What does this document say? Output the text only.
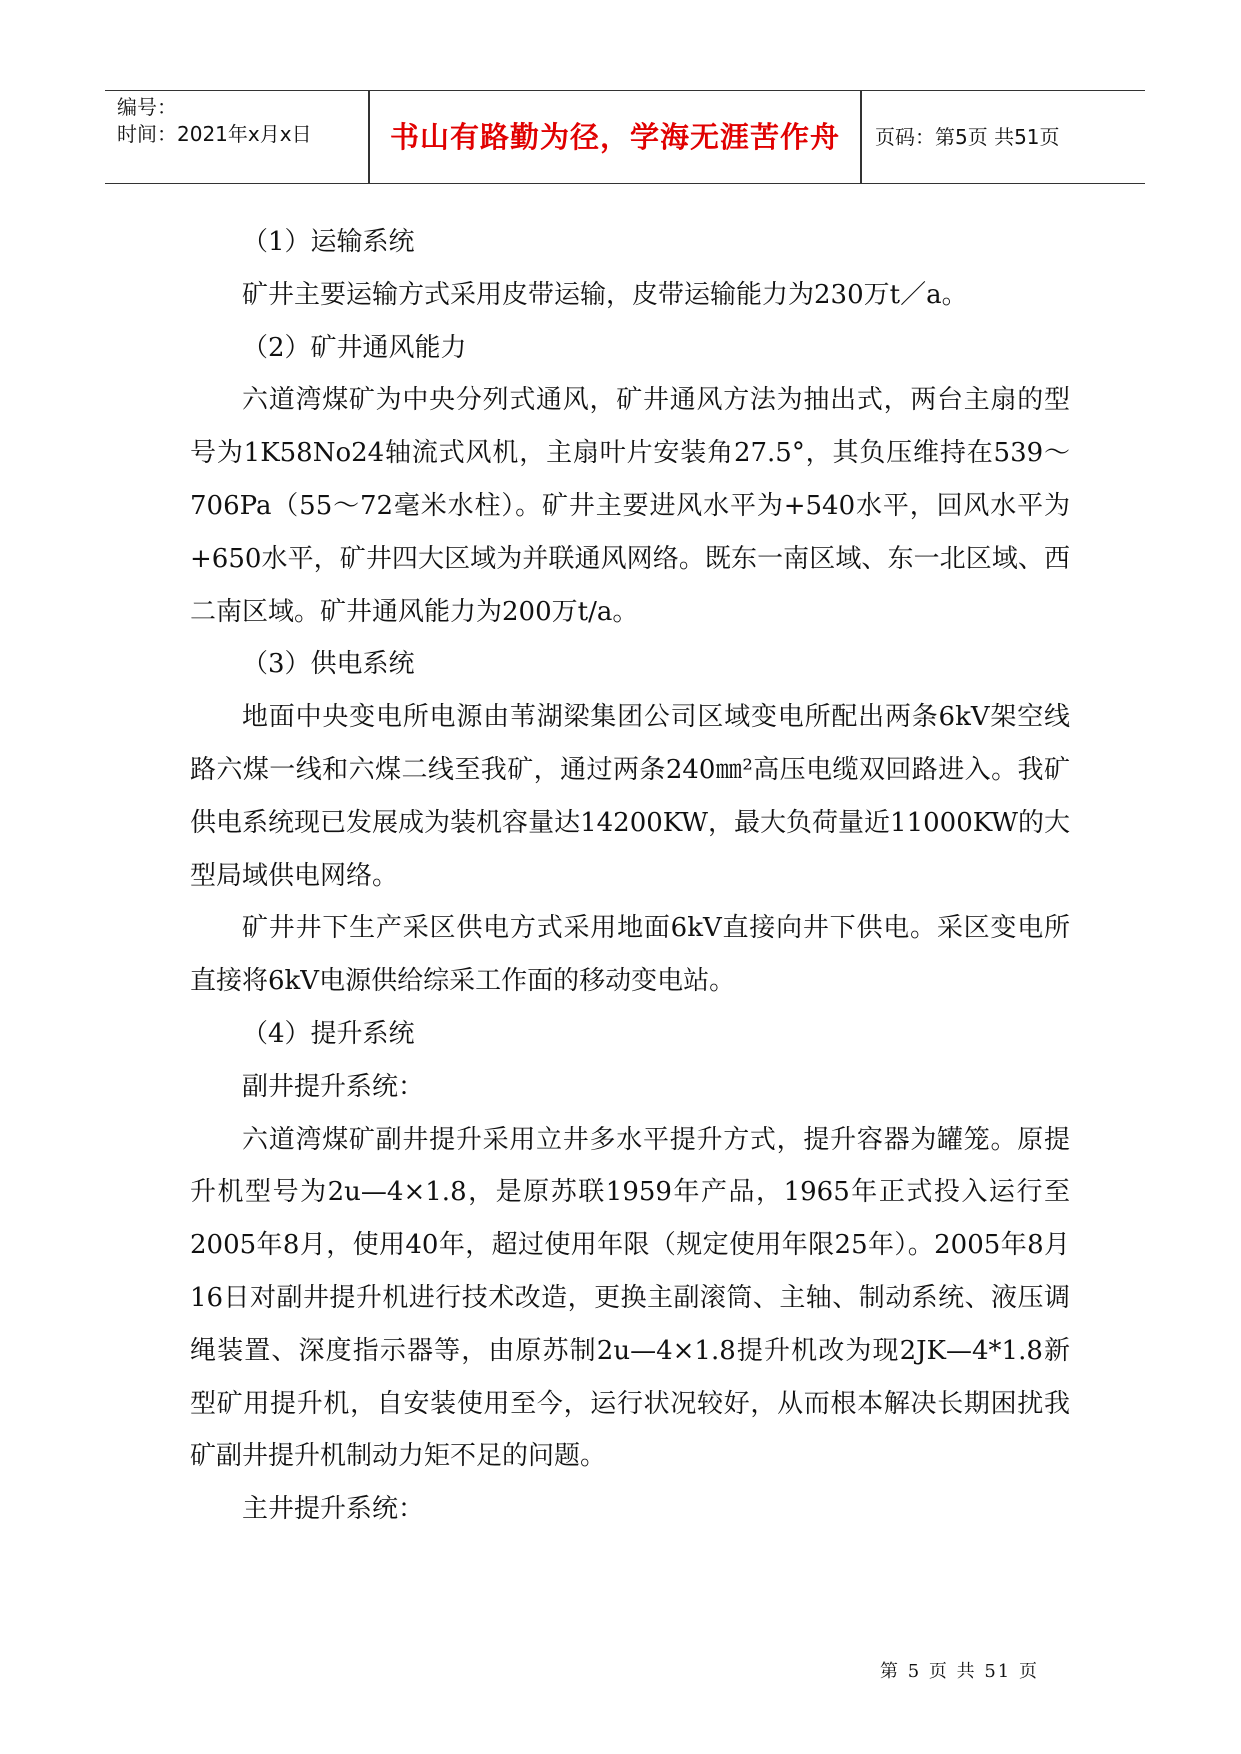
编号：
时间：2021年x月x日	书山有路勤为径，学海无涯苦作舟	页码：第5页 共51页

（1）运输系统

矿井主要运输方式采用皮带运输，皮带运输能力为230万t／a。

（2）矿井通风能力

六道湾煤矿为中央分列式通风，矿井通风方法为抽出式，两台主扇的型号为1K58No24轴流式风机，主扇叶片安装角27.5°，其负压维持在539～706Pa（55～72毫米水柱）。矿井主要进风水平为+540水平，回风水平为+650水平，矿井四大区域为并联通风网络。既东一南区域、东一北区域、西二南区域。矿井通风能力为200万t/a。

（3）供电系统

地面中央变电所电源由苇湖梁集团公司区域变电所配出两条6kV架空线路六煤一线和六煤二线至我矿，通过两条240㎜²高压电缆双回路进入。我矿供电系统现已发展成为装机容量达14200KW，最大负荷量近11000KW的大型局域供电网络。

矿井井下生产采区供电方式采用地面6kV直接向井下供电。采区变电所直接将6kV电源供给综采工作面的移动变电站。

（4）提升系统

副井提升系统：

六道湾煤矿副井提升采用立井多水平提升方式，提升容器为罐笼。原提升机型号为2u—4×1.8，是原苏联1959年产品，1965年正式投入运行至2005年8月，使用40年，超过使用年限（规定使用年限25年）。2005年8月16日对副井提升机进行技术改造，更换主副滚筒、主轴、制动系统、液压调绳装置、深度指示器等，由原苏制2u—4×1.8提升机改为现2JK—4*1.8新型矿用提升机，自安装使用至今，运行状况较好，从而根本解决长期困扰我矿副井提升机制动力矩不足的问题。

主井提升系统：

第 5 页 共 51 页
